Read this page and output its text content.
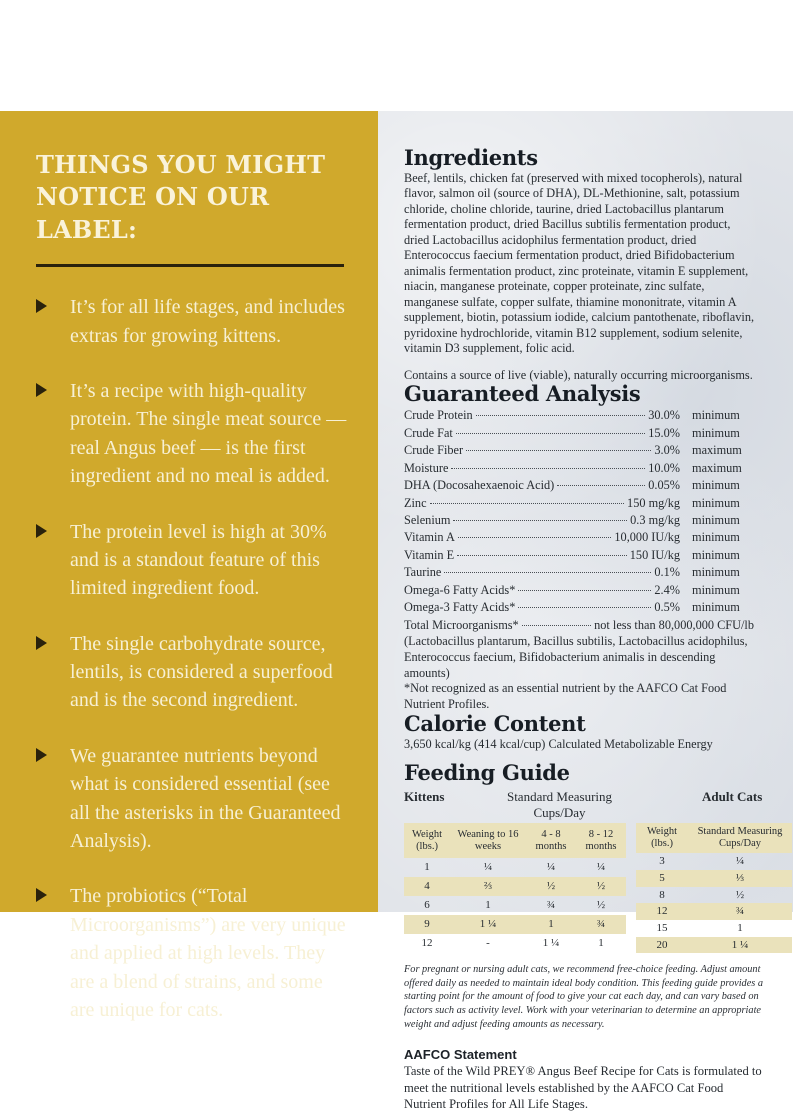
THINGS YOU MIGHT NOTICE ON OUR LABEL:
It’s for all life stages, and includes extras for growing kittens.
It’s a recipe with high-quality protein. The single meat source — real Angus beef — is the first ingredient and no meal is added.
The protein level is high at 30% and is a standout feature of this limited ingredient food.
The single carbohydrate source, lentils, is considered a superfood and is the second ingredient.
We guarantee nutrients beyond what is considered essential (see all the asterisks in the Guaranteed Analysis).
The probiotics (“Total Microorganisms”) are very unique and applied at high levels. They are a blend of strains, and some are unique for cats.
Ingredients

Beef, lentils, chicken fat (preserved with mixed tocopherols), natural flavor, salmon oil (source of DHA), DL-Methionine, salt, potassium chloride, choline chloride, taurine, dried Lactobacillus plantarum fermentation product, dried Bacillus subtilis fermentation product, dried Lactobacillus acidophilus fermentation product, dried Enterococcus faecium fermentation product, dried Bifidobacterium animalis fermentation product, zinc proteinate, vitamin E supplement, niacin, manganese proteinate, copper proteinate, zinc sulfate, manganese sulfate, copper sulfate, thiamine mononitrate, vitamin A supplement, biotin, potassium iodide, calcium pantothenate, riboflavin, pyridoxine hydrochloride, vitamin B12 supplement, sodium selenite, vitamin D3 supplement, folic acid.

Contains a source of live (viable), naturally occurring microorganisms.

Guaranteed Analysis
Crude Protein	30.0% minimum
Crude Fat	15.0% minimum
Crude Fiber	3.0% maximum
Moisture	10.0% maximum
DHA (Docosahexaenoic Acid)	0.05% minimum
Zinc	150 mg/kg minimum
Selenium	0.3 mg/kg minimum
Vitamin A	10,000 IU/kg minimum
Vitamin E	150 IU/kg minimum
Taurine	0.1% minimum
Omega-6 Fatty Acids*	2.4% minimum
Omega-3 Fatty Acids*	0.5% minimum
Total Microorganisms*	not less than 80,000,000 CFU/lb

(Lactobacillus plantarum, Bacillus subtilis, Lactobacillus acidophilus, Enterococcus faecium, Bifidobacterium animalis in descending amounts)

*Not recognized as an essential nutrient by the AAFCO Cat Food Nutrient Profiles.

Calorie Content

3,650 kcal/kg (414 kcal/cup) Calculated Metabolizable Energy

Feeding Guide
Kittens	Standard Measuring Cups/Day
Adult Cats
Weight (lbs.)	Weaning to 16 weeks	4 - 8 months	8 - 12 months
1	¼	¼	¼
4	⅔	½	½
6	1	¾	½
9	1 ¼	1	¾
12	-	1 ¼	1
Weight (lbs.)	Standard Measuring Cups/Day
3	¼
5	⅓
8	½
12	¾
15	1
20	1 ¼

For pregnant or nursing adult cats, we recommend free-choice feeding. Adjust amount offered daily as needed to maintain ideal body condition. This feeding guide provides a starting point for the amount of food to give your cat each day, and can vary based on factors such as activity level. Work with your veterinarian to determine an appropriate weight and adjust feeding amounts as necessary.

AAFCO Statement

Taste of the Wild PREY® Angus Beef Recipe for Cats is formulated to meet the nutritional levels established by the AAFCO Cat Food Nutrient Profiles for All Life Stages.
